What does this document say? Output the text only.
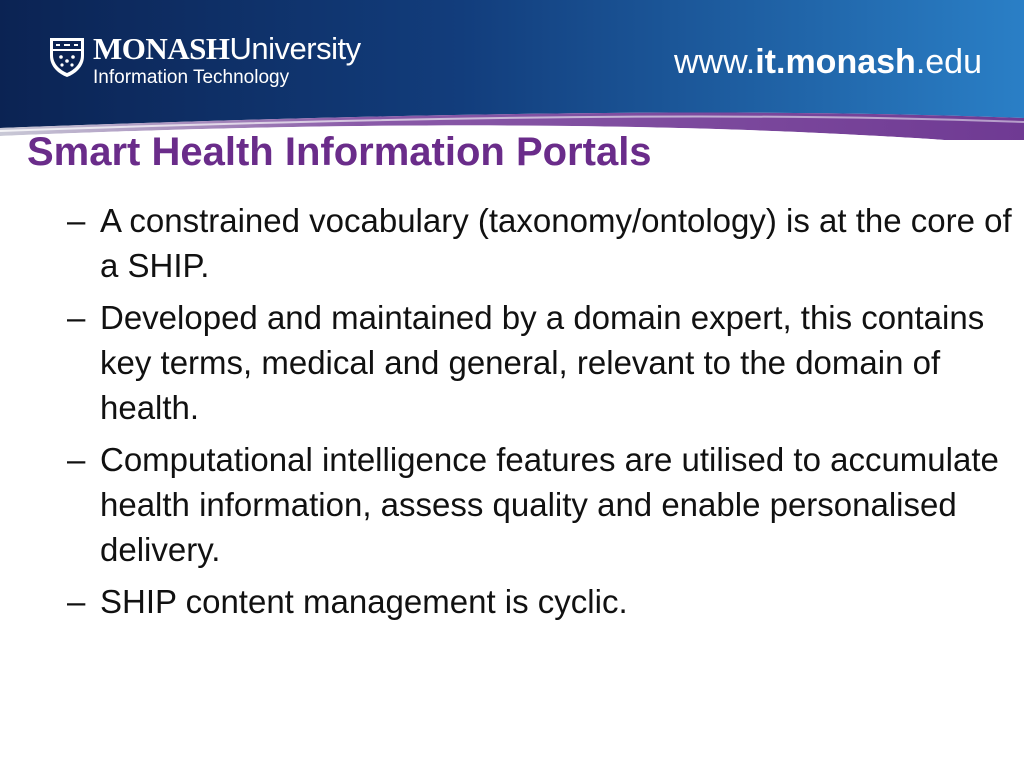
MONASHUniversity
Information Technology	www.it.monash.edu
Smart Health Information Portals
– A constrained vocabulary (taxonomy/ontology) is at the core of a SHIP.
– Developed and maintained by a domain expert, this contains key terms, medical and general, relevant to the domain of health.
– Computational intelligence features are utilised to accumulate health information, assess quality and enable personalised delivery.
– SHIP content management is cyclic.
